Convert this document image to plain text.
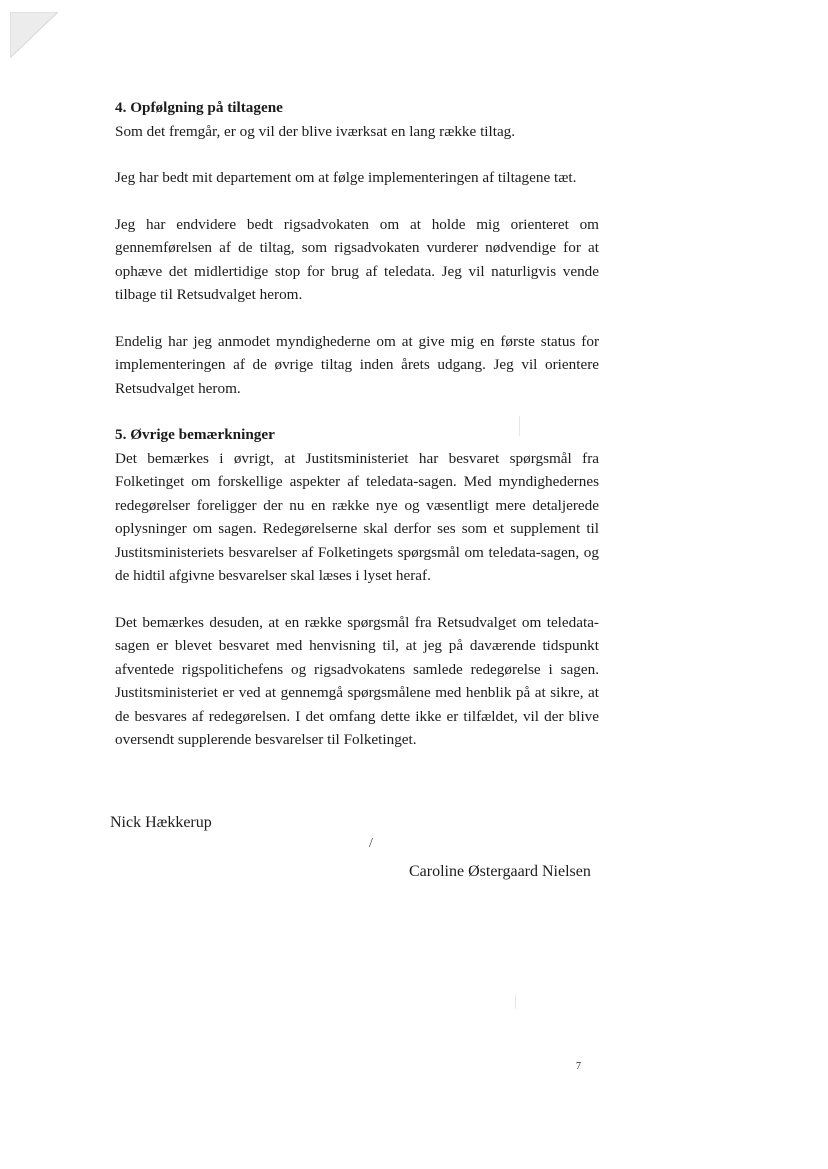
4. Opfølgning på tiltagene

Som det fremgår, er og vil der blive iværksat en lang række tiltag.

Jeg har bedt mit departement om at følge implementeringen af tiltagene tæt.

Jeg har endvidere bedt rigsadvokaten om at holde mig orienteret om gennemførelsen af de tiltag, som rigsadvokaten vurderer nødvendige for at ophæve det midlertidige stop for brug af teledata. Jeg vil naturligvis vende tilbage til Retsudvalget herom.

Endelig har jeg anmodet myndighederne om at give mig en første status for implementeringen af de øvrige tiltag inden årets udgang. Jeg vil orientere Retsudvalget herom.

5. Øvrige bemærkninger

Det bemærkes i øvrigt, at Justitsministeriet har besvaret spørgsmål fra Folketinget om forskellige aspekter af teledata-sagen. Med myndighedernes redegørelser foreligger der nu en række nye og væsentligt mere detaljerede oplysninger om sagen. Redegørelserne skal derfor ses som et supplement til Justitsministeriets besvarelser af Folketingets spørgsmål om teledata-sagen, og de hidtil afgivne besvarelser skal læses i lyset heraf.

Det bemærkes desuden, at en række spørgsmål fra Retsudvalget om teledata-sagen er blevet besvaret med henvisning til, at jeg på daværende tidspunkt afventede rigspolitichefens og rigsadvokatens samlede redegørelse i sagen. Justitsministeriet er ved at gennemgå spørgsmålene med henblik på at sikre, at de besvares af redegørelsen. I det omfang dette ikke er tilfældet, vil der blive oversendt supplerende besvarelser til Folketinget.

Nick Hækkerup
/
Caroline Østergaard Nielsen
7
